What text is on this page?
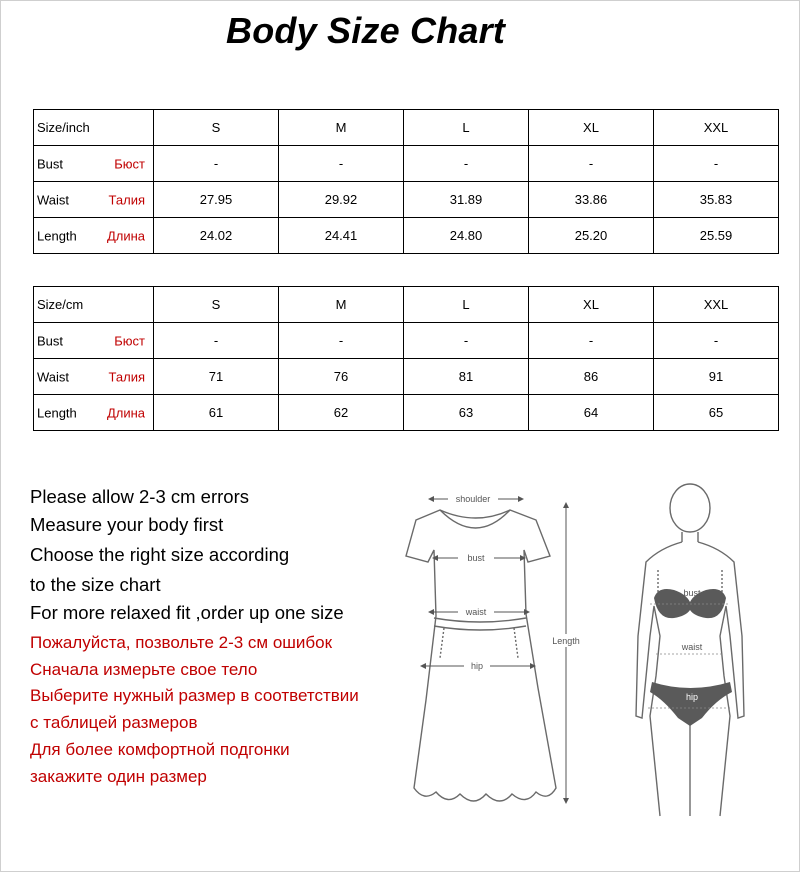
Body Size Chart
Size/inch	S	M	L	XL	XXL

Bust Бюст	-	-	-	-	-

Waist Талия	27.95	29.92	31.89	33.86	35.83

Length Длина	24.02	24.41	24.80	25.20	25.59
Size/cm	S	M	L	XL	XXL

Bust Бюст	-	-	-	-	-

Waist Талия	71	76	81	86	91

Length Длина	61	62	63	64	65
Please allow 2-3 cm errors
Measure your body first
Choose the right size according
to the size chart
For more relaxed fit ,order up one size
Пожалуйста, позвольте 2-3 см ошибок
Сначала измерьте свое тело
Выберите нужный размер в соответствии
с таблицей размеров
Для более комфортной подгонки
закажите один размер
shoulder
bust
waist
hip
Length
bust
waist
hip
